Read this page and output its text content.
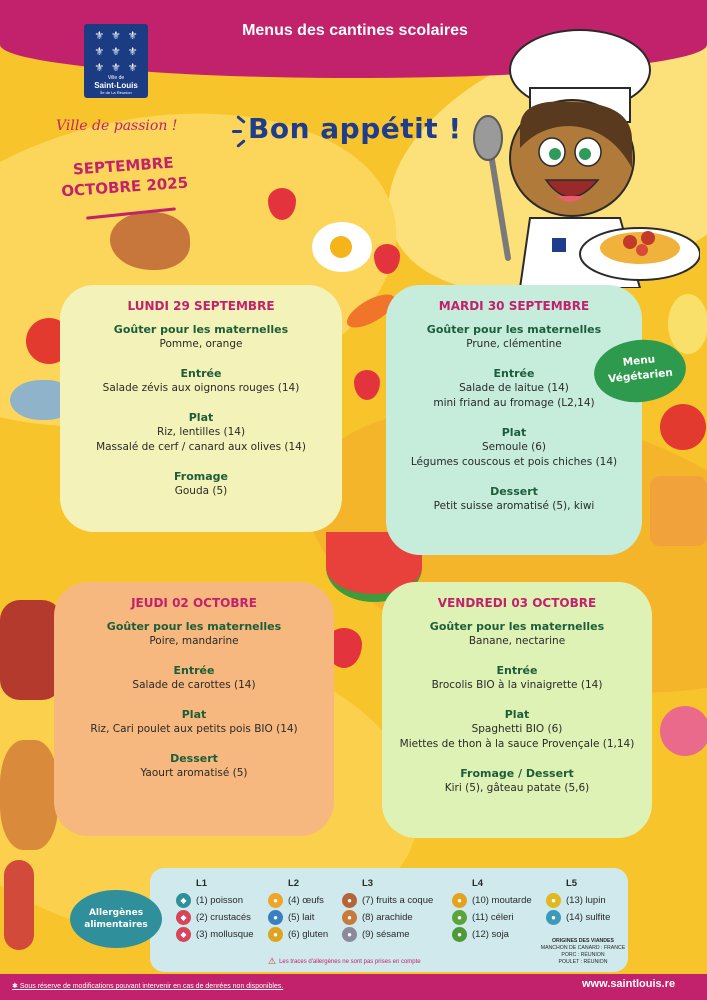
Menus des cantines scolaires
⚜ ⚜ ⚜
⚜ ⚜ ⚜
⚜ ⚜ ⚜
Ville de
Saint-Louis
Île de La Réunion
Ville de passion !
SEPTEMBRE
OCTOBRE 2025
Bon appétit !
LUNDI 29 SEPTEMBRE
Goûter pour les maternelles
Pomme, orange
Entrée
Salade zévis aux oignons rouges (14)
Plat
Riz, lentilles (14)
Massalé de cerf / canard aux olives (14)
Fromage
Gouda (5)
MARDI 30 SEPTEMBRE
Goûter pour les maternelles
Prune, clémentine
Entrée
Salade de laitue (14)
mini friand au fromage (L2,14)
Plat
Semoule (6)
Légumes couscous et pois chiches (14)
Dessert
Petit suisse aromatisé (5), kiwi
Menu Végétarien
JEUDI 02 OCTOBRE
Goûter pour les maternelles
Poire, mandarine
Entrée
Salade de carottes (14)
Plat
Riz, Cari poulet aux petits pois BIO (14)
Dessert
Yaourt aromatisé (5)
VENDREDI 03 OCTOBRE
Goûter pour les maternelles
Banane, nectarine
Entrée
Brocolis BIO à la vinaigrette (14)
Plat
Spaghetti BIO (6)
Miettes de thon à la sauce Provençale (1,14)
Fromage / Dessert
Kiri (5), gâteau patate (5,6)
Allergènes alimentaires
L1
◆ (1) poisson
◆ (2) crustacés
◆ (3) mollusque
L2
●	(4) œufs
●	(5) lait
●	(6) gluten
L3
●	(7) fruits a coque
●	(8) arachide
●	(9) sésame
L4
●	(10) moutarde
●	(11) céleri
●	(12) soja
L5
●	(13) lupin
●	(14) sulfite
⚠ Les traces d'allergènes ne sont pas prises en compte
ORIGINES DES VIANDES
MANCHON DE CANARD : FRANCE
PORC : RÉUNION
POULET : RÉUNION
✱ Sous réserve de modifications pouvant intervenir en cas de denrées non disponibles.	www.saintlouis.re
